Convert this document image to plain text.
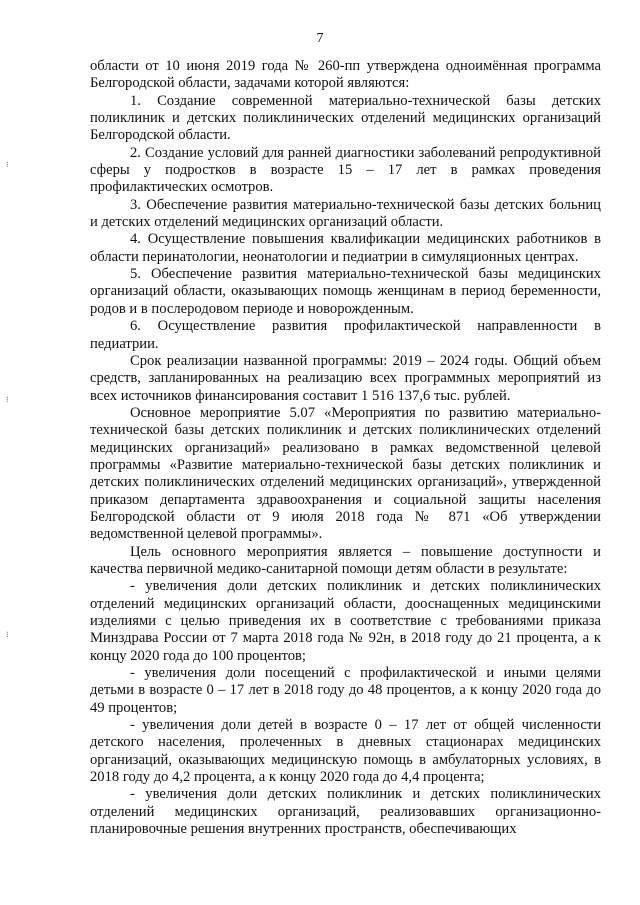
7
⁝
⁝
⁝

области от 10 июня 2019 года № 260-пп утверждена одноимённая программа Белгородской области, задачами которой являются:

1. Создание современной материально-технической базы детских поликлиник и детских поликлинических отделений медицинских организаций Белгородской области.

2. Создание условий для ранней диагностики заболеваний репродуктивной сферы у подростков в возрасте 15 – 17 лет в рамках проведения профилактических осмотров.

3. Обеспечение развития материально-технической базы детских больниц и детских отделений медицинских организаций области.

4. Осуществление повышения квалификации медицинских работников в области перинатологии, неонатологии и педиатрии в симуляционных центрах.

5. Обеспечение развития материально-технической базы медицинских организаций области, оказывающих помощь женщинам в период беременности, родов и в послеродовом периоде и новорожденным.

6. Осуществление развития профилактической направленности в педиатрии.

Срок реализации названной программы: 2019 – 2024 годы. Общий объем средств, запланированных на реализацию всех программных мероприятий из всех источников финансирования составит 1 516 137,6 тыс. рублей.

Основное мероприятие 5.07 «Мероприятия по развитию материально-технической базы детских поликлиник и детских поликлинических отделений медицинских организаций» реализовано в рамках ведомственной целевой программы «Развитие материально-технической базы детских поликлиник и детских поликлинических отделений медицинских организаций», утвержденной приказом департамента здравоохранения и социальной защиты населения Белгородской области от 9 июля 2018 года № 871 «Об утверждении ведомственной целевой программы».

Цель основного мероприятия является – повышение доступности и качества первичной медико-санитарной помощи детям области в результате:

- увеличения доли детских поликлиник и детских поликлинических отделений медицинских организаций области, дооснащенных медицинскими изделиями с целью приведения их в соответствие с требованиями приказа Минздрава России от 7 марта 2018 года № 92н, в 2018 году до 21 процента, а к концу 2020 года до 100 процентов;

- увеличения доли посещений с профилактической и иными целями детьми в возрасте 0 – 17 лет в 2018 году до 48 процентов, а к концу 2020 года до 49 процентов;

- увеличения доли детей в возрасте 0 – 17 лет от общей численности детского населения, пролеченных в дневных стационарах медицинских организаций, оказывающих медицинскую помощь в амбулаторных условиях, в 2018 году до 4,2 процента, а к концу 2020 года до 4,4 процента;

- увеличения доли детских поликлиник и детских поликлинических отделений медицинских организаций, реализовавших организационно-планировочные решения внутренних пространств, обеспечивающих
